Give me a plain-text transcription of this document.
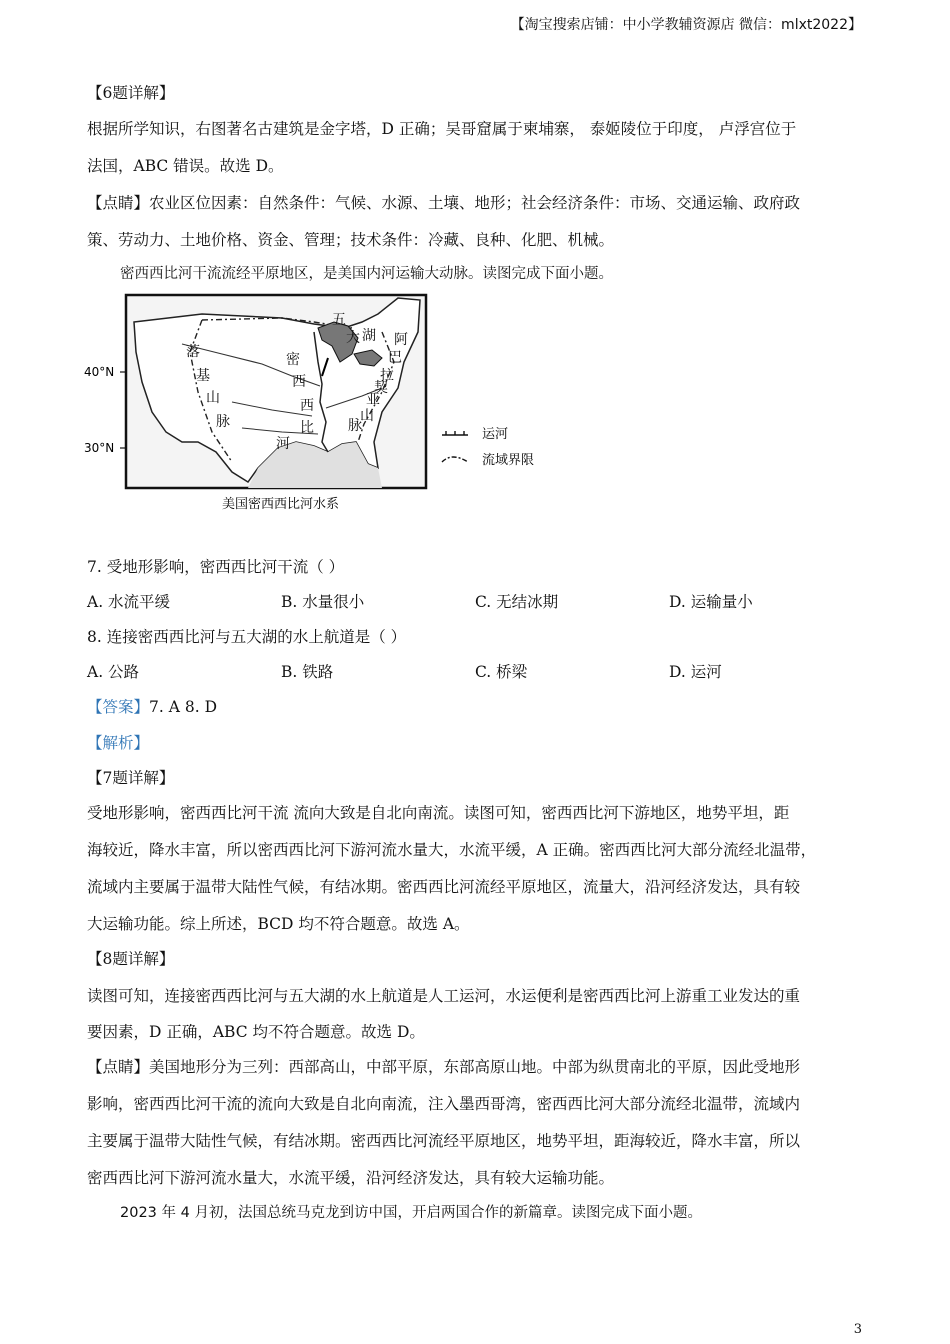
【淘宝搜索店铺：中小学教辅资源店 微信：mlxt2022】
【6题详解】
根据所学知识，右图著名古建筑是金字塔，D 正确；吴哥窟属于柬埔寨， 泰姬陵位于印度， 卢浮宫位于
法国，ABC 错误。故选 D。
【点睛】农业区位因素：自然条件：气候、水源、土壤、地形；社会经济条件：市场、交通运输、政府政
策、劳动力、土地价格、资金、管理；技术条件：冷藏、良种、化肥、机械。
密西西比河干流流经平原地区，是美国内河运输大动脉。读图完成下面小题。
40°N
30°N
落
基
山
脉
密
西
西
比
河
五
大 湖 阿
巴
拉
契
亚
山
脉
运河
流域界限
美国密西西比河水系
7. 受地形影响，密西西比河干流（ ）
A. 水流平缓	B. 水量很小	C. 无结冰期	D. 运输量小
8. 连接密西西比河与五大湖的水上航道是（ ）
A. 公路	B. 铁路	C. 桥梁	D. 运河
【答案】7. A 8. D
【解析】
【7题详解】
受地形影响，密西西比河干流 流向大致是自北向南流。读图可知，密西西比河下游地区，地势平坦，距
海较近，降水丰富，所以密西西比河下游河流水量大，水流平缓，A 正确。密西西比河大部分流经北温带，
流域内主要属于温带大陆性气候，有结冰期。密西西比河流经平原地区，流量大，沿河经济发达，具有较
大运输功能。综上所述，BCD 均不符合题意。故选 A。
【8题详解】
读图可知，连接密西西比河与五大湖的水上航道是人工运河，水运便利是密西西比河上游重工业发达的重
要因素，D 正确，ABC 均不符合题意。故选 D。
【点睛】美国地形分为三列：西部高山，中部平原，东部高原山地。中部为纵贯南北的平原，因此受地形
影响，密西西比河干流的流向大致是自北向南流，注入墨西哥湾，密西西比河大部分流经北温带，流域内
主要属于温带大陆性气候，有结冰期。密西西比河流经平原地区，地势平坦，距海较近，降水丰富，所以
密西西比河下游河流水量大，水流平缓，沿河经济发达，具有较大运输功能。
2023 年 4 月初，法国总统马克龙到访中国，开启两国合作的新篇章。读图完成下面小题。
3
